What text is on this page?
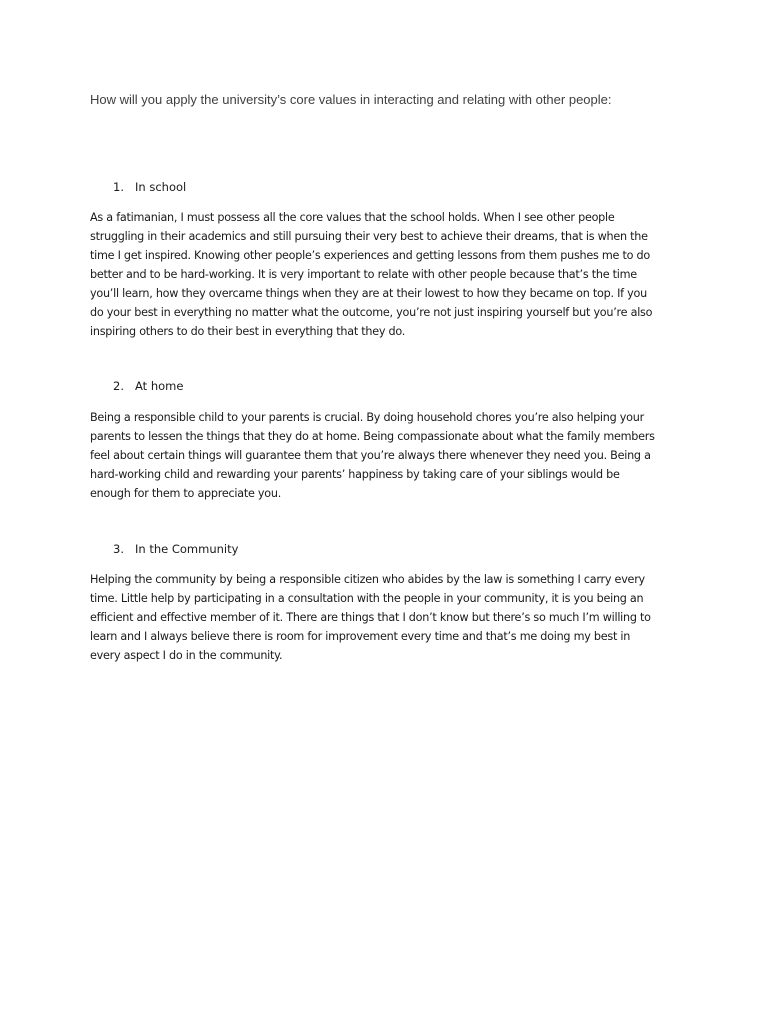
How will you apply the university’s core values in interacting and relating with other people:
1. In school
As a fatimanian, I must possess all the core values that the school holds. When I see other people
struggling in their academics and still pursuing their very best to achieve their dreams, that is when the
time I get inspired. Knowing other people’s experiences and getting lessons from them pushes me to do
better and to be hard-working. It is very important to relate with other people because that’s the time
you’ll learn, how they overcame things when they are at their lowest to how they became on top. If you
do your best in everything no matter what the outcome, you’re not just inspiring yourself but you’re also
inspiring others to do their best in everything that they do.
2. At home
Being a responsible child to your parents is crucial. By doing household chores you’re also helping your
parents to lessen the things that they do at home. Being compassionate about what the family members
feel about certain things will guarantee them that you’re always there whenever they need you. Being a
hard-working child and rewarding your parents’ happiness by taking care of your siblings would be
enough for them to appreciate you.
3. In the Community
Helping the community by being a responsible citizen who abides by the law is something I carry every
time. Little help by participating in a consultation with the people in your community, it is you being an
efficient and effective member of it. There are things that I don’t know but there’s so much I’m willing to
learn and I always believe there is room for improvement every time and that’s me doing my best in
every aspect I do in the community.
